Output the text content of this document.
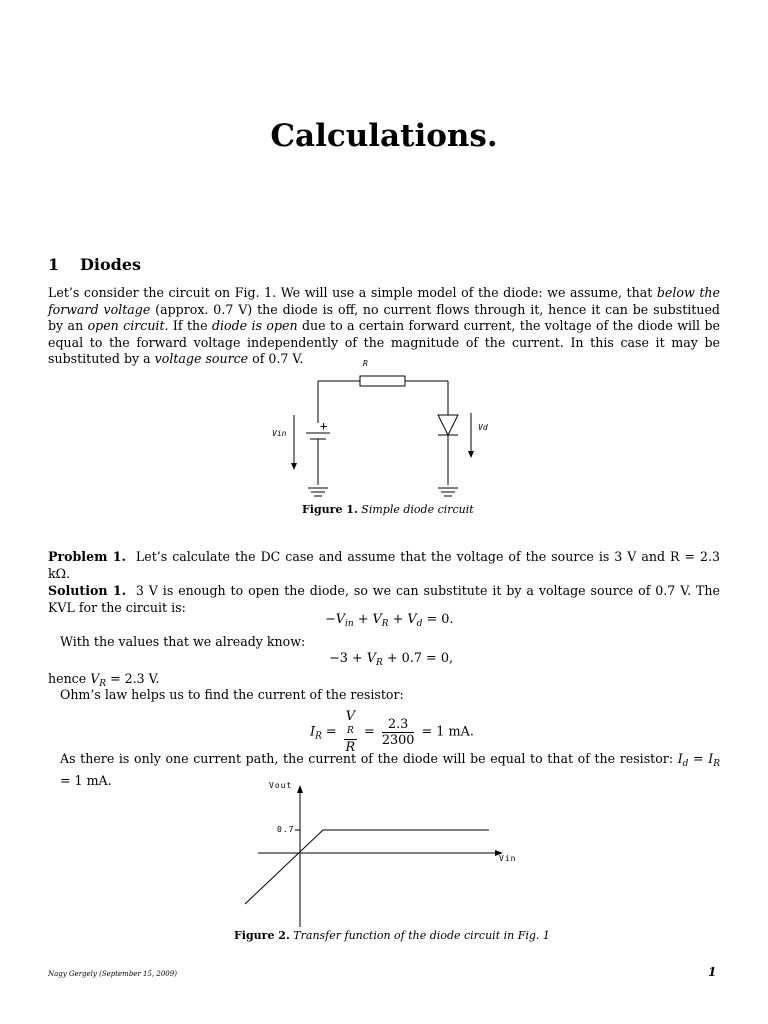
Calculations.
1 Diodes
Let’s consider the circuit on Fig. 1. We will use a simple model of the diode: we assume, that below the forward voltage (approx. 0.7 V) the diode is off, no current flows through it, hence it can be substitued by an open circuit. If the diode is open due to a certain forward current, the voltage of the diode will be equal to the forward voltage independently of the magnitude of the current. In this case it may be substituted by a voltage source of 0.7 V.	R
Vin
Vd
+
Figure 1. Simple diode circuit
Problem 1. Let’s calculate the DC case and assume that the voltage of the source is 3 V and R = 2.3 kΩ.
Solution 1. 3 V is enough to open the diode, so we can substitute it by a voltage source of 0.7 V. The KVL for the circuit is:
$-V_{in} + V_R + V_d = 0$.
With the values that we already know:
$-3 + V_R + 0.7 = 0$,
hence $V_R = 2.3$ V.
Ohm’s law helps us to find the current of the resistor:
$I_R = V$
R
$R = \frac{2.3}{2300} = 1$ mA.
As there is only one current path, the current of the diode will be equal to that of the resistor: $I_d = I_R = 1$ mA.	Vout
Vin
0.7
Figure 2. Transfer function of the diode circuit in Fig. 1
Nagy Gergely (September 15, 2009)	1
